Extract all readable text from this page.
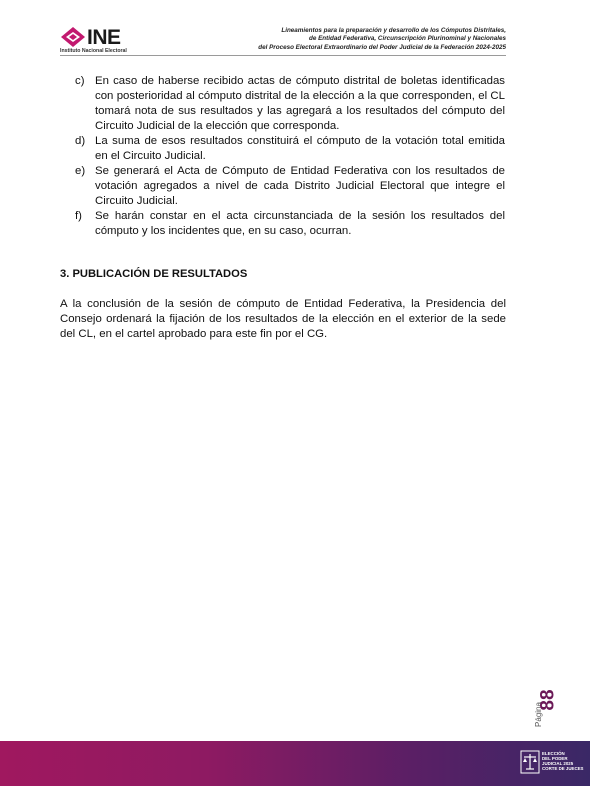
INE
Instituto Nacional Electoral
Lineamientos para la preparación y desarrollo de los Cómputos Distritales,
de Entidad Federativa, Circunscripción Plurinominal y Nacionales
del Proceso Electoral Extraordinario del Poder Judicial de la Federación 2024-2025

c) En caso de haberse recibido actas de cómputo distrital de boletas identificadas con posterioridad al cómputo distrital de la elección a la que corresponden, el CL tomará nota de sus resultados y las agregará a los resultados del cómputo del Circuito Judicial de la elección que corresponda.

d) La suma de esos resultados constituirá el cómputo de la votación total emitida en el Circuito Judicial.

e) Se generará el Acta de Cómputo de Entidad Federativa con los resultados de votación agregados a nivel de cada Distrito Judicial Electoral que integre el Circuito Judicial.

f) Se harán constar en el acta circunstanciada de la sesión los resultados del cómputo y los incidentes que, en su caso, ocurran.

3. PUBLICACIÓN DE RESULTADOS
A la conclusión de la sesión de cómputo de Entidad Federativa, la Presidencia del Consejo ordenará la fijación de los resultados de la elección en el exterior de la sede del CL, en el cartel aprobado para este fin por el CG.
Página
88
ELECCIÓN
DEL PODER
JUDICIAL 2025
CORTE DE JUECES
